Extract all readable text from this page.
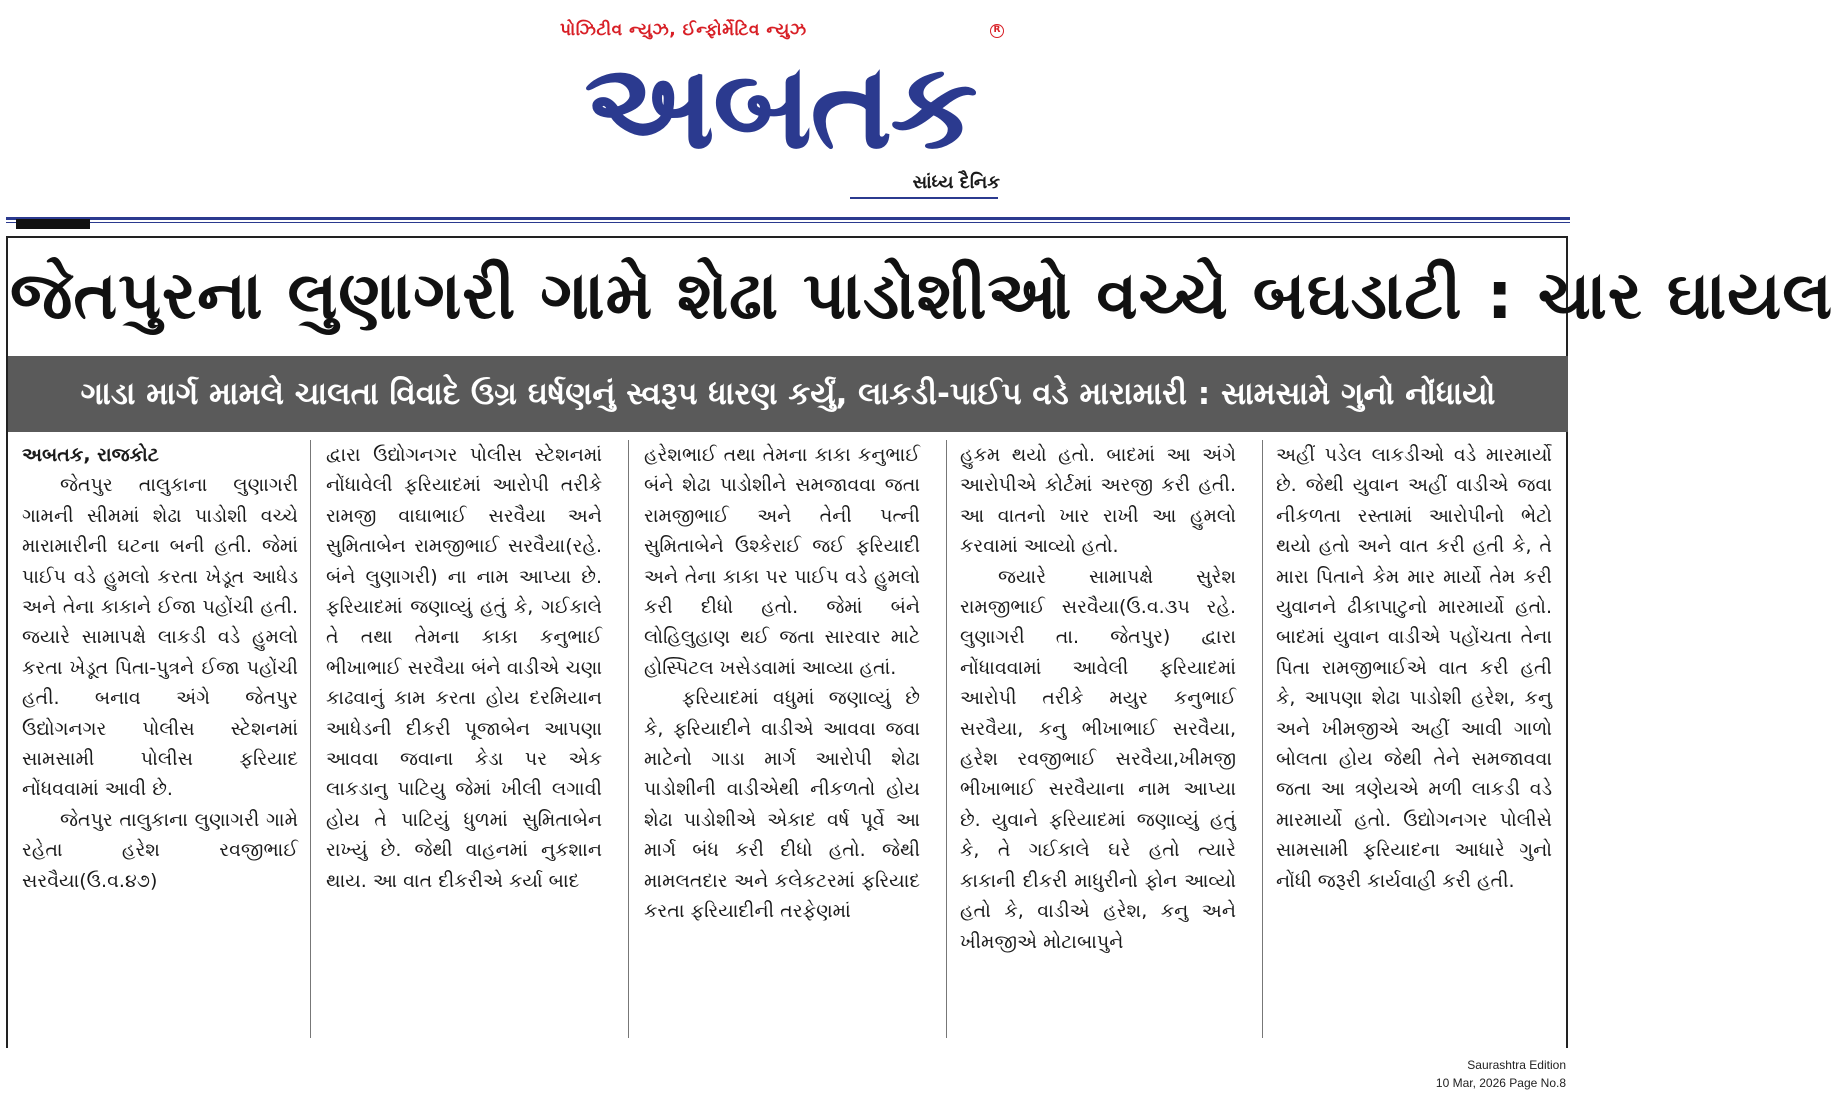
પોઝિટીવ ન્યુઝ, ઈન્ફોર્મેટિવ ન્યુઝ	R
અબતક
સાંધ્ય દૈનિક
જેતપુરના લુણાગરી ગામે શેઢા પાડોશીઓ વચ્ચે બઘડાટી : ચાર ઘાયલ
ગાડા માર્ગ મામલે ચાલતા વિવાદે ઉગ્ર ઘર્ષણનું સ્વરૂપ ધારણ કર્યું, લાકડી-પાઈપ વડે મારામારી : સામસામે ગુનો નોંધાયો

અબતક, રાજકોટ

જેતપુર તાલુકાના લુણાગરી ગામની સીમમાં શેઢા પાડોશી વચ્ચે મારામારીની ઘટના બની હતી. જેમાં પાઈપ વડે હુમલો કરતા ખેડૂત આધેડ અને તેના કાકાને ઈજા પહોંચી હતી. જયારે સામાપક્ષે લાકડી વડે હુમલો કરતા ખેડૂત પિતા-પુત્રને ઈજા પહોંચી હતી. બનાવ અંગે જેતપુર ઉદ્યોગનગર પોલીસ સ્ટેશનમાં સામસામી પોલીસ ફરિયાદ નોંધવવામાં આવી છે.

જેતપુર તાલુકાના લુણાગરી ગામે રહેતા હરેશ રવજીભાઈ સરવૈયા(ઉ.વ.૪૭)

દ્વારા ઉદ્યોગનગર પોલીસ સ્ટેશનમાં નોંધાવેલી ફરિયાદમાં આરોપી તરીકે રામજી વાઘાભાઈ સરવૈયા અને સુમિતાબેન રામજીભાઈ સરવૈયા(રહે. બંને લુણાગરી) ના નામ આપ્યા છે. ફરિયાદમાં જણાવ્યું હતું કે, ગઈકાલે તે તથા તેમના કાકા કનુભાઈ ભીખાભાઈ સરવૈયા બંને વાડીએ ચણા કાઢવાનું કામ કરતા હોય દરમિયાન આધેડની દીકરી પૂજાબેન આપણા આવવા જવાના કેડા પર એક લાકડાનુ પાટિયુ જેમાં ખીલી લગાવી હોય તે પાટિયું ધુળમાં સુમિતાબેન રાખ્યું છે. જેથી વાહનમાં નુકશાન થાય. આ વાત દીકરીએ કર્યા બાદ

હરેશભાઈ તથા તેમના કાકા કનુભાઈ બંને શેઢા પાડોશીને સમજાવવા જતા રામજીભાઈ અને તેની પત્ની સુમિતાબેને ઉશ્કેરાઈ જઈ ફરિયાદી અને તેના કાકા પર પાઈપ વડે હુમલો કરી દીધો હતો. જેમાં બંને લોહિલુહાણ થઈ જતા સારવાર માટે હોસ્પિટલ ખસેડવામાં આવ્યા હતાં.

ફરિયાદમાં વધુમાં જણાવ્યું છે કે, ફરિયાદીને વાડીએ આવવા જવા માટેનો ગાડા માર્ગ આરોપી શેઢા પાડોશીની વાડીએથી નીકળતો હોય શેઢા પાડોશીએ એકાદ વર્ષ પૂર્વે આ માર્ગ બંધ કરી દીધો હતો. જેથી મામલતદાર અને કલેકટરમાં ફરિયાદ કરતા ફરિયાદીની તરફેણમાં

હુકમ થયો હતો. બાદમાં આ અંગે આરોપીએ કોર્ટમાં અરજી કરી હતી. આ વાતનો ખાર રાખી આ હુમલો કરવામાં આવ્યો હતો.

જયારે સામાપક્ષે સુરેશ રામજીભાઈ સરવૈયા(ઉ.વ.૩૫ રહે. લુણાગરી તા. જેતપુર) દ્વારા નોંધાવવામાં આવેલી ફરિયાદમાં આરોપી તરીકે મયુર કનુભાઈ સરવૈયા, કનુ ભીખાભાઈ સરવૈયા, હરેશ રવજીભાઈ સરવૈયા,ખીમજી ભીખાભાઈ સરવૈયાના નામ આપ્યા છે. યુવાને ફરિયાદમાં જણાવ્યું હતું કે, તે ગઈકાલે ઘરે હતો ત્યારે કાકાની દીકરી માધુરીનો ફોન આવ્યો હતો કે, વાડીએ હરેશ, કનુ અને ખીમજીએ મોટાબાપુને

અહીં પડેલ લાકડીઓ વડે મારમાર્યો છે. જેથી યુવાન અહીં વાડીએ જવા નીકળતા રસ્તામાં આરોપીનો ભેટો થયો હતો અને વાત કરી હતી કે, તે મારા પિતાને કેમ માર માર્યો તેમ કરી યુવાનને ઢીકાપાટુનો મારમાર્યો હતો. બાદમાં યુવાન વાડીએ પહોંચતા તેના પિતા રામજીભાઈએ વાત કરી હતી કે, આપણા શેઢા પાડોશી હરેશ, કનુ અને ખીમજીએ અહીં આવી ગાળો બોલતા હોય જેથી તેને સમજાવવા જતા આ ત્રણેયએ મળી લાકડી વડે મારમાર્યો હતો. ઉદ્યોગનગર પોલીસે સામસામી ફરિયાદના આધારે ગુનો નોંધી જરૂરી કાર્યવાહી કરી હતી.

Saurashtra Edition
10 Mar, 2026 Page No.8
